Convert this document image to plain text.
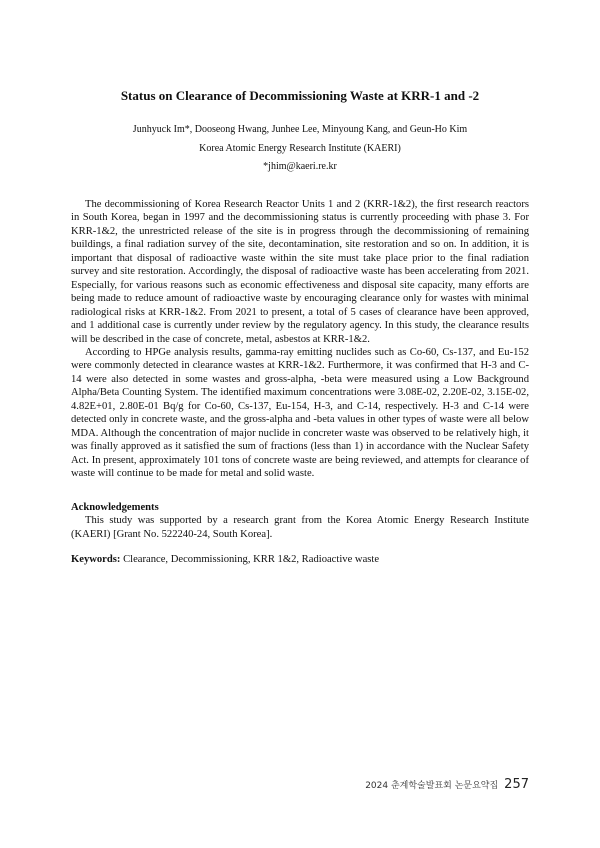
Status on Clearance of Decommissioning Waste at KRR-1 and -2
Junhyuck Im*, Dooseong Hwang, Junhee Lee, Minyoung Kang, and Geun-Ho Kim
Korea Atomic Energy Research Institute (KAERI)
*jhim@kaeri.re.kr

The decommissioning of Korea Research Reactor Units 1 and 2 (KRR-1&2), the first research reactors in South Korea, began in 1997 and the decommissioning status is currently proceeding with phase 3. For KRR-1&2, the unrestricted release of the site is in progress through the decommissioning of remaining buildings, a final radiation survey of the site, decontamination, site restoration and so on. In addition, it is important that disposal of radioactive waste within the site must take place prior to the final radiation survey and site restoration. Accordingly, the disposal of radioactive waste has been accelerating from 2021. Especially, for various reasons such as economic effectiveness and disposal site capacity, many efforts are being made to reduce amount of radioactive waste by encouraging clearance only for wastes with minimal radiological risks at KRR-1&2. From 2021 to present, a total of 5 cases of clearance have been approved, and 1 additional case is currently under review by the regulatory agency. In this study, the clearance results will be described in the case of concrete, metal, asbestos at KRR-1&2.

According to HPGe analysis results, gamma-ray emitting nuclides such as Co-60, Cs-137, and Eu-152 were commonly detected in clearance wastes at KRR-1&2. Furthermore, it was confirmed that H-3 and C-14 were also detected in some wastes and gross-alpha, -beta were measured using a Low Background Alpha/Beta Counting System. The identified maximum concentrations were 3.08E-02, 2.20E-02, 3.15E-02, 4.82E+01, 2.80E-01 Bq/g for Co-60, Cs-137, Eu-154, H-3, and C-14, respectively. H-3 and C-14 were detected only in concrete waste, and the gross-alpha and -beta values in other types of waste were all below MDA. Although the concentration of major nuclide in concreter waste was observed to be relatively high, it was finally approved as it satisfied the sum of fractions (less than 1) in accordance with the Nuclear Safety Act. In present, approximately 101 tons of concrete waste are being reviewed, and attempts for clearance of waste will continue to be made for metal and solid waste.

Acknowledgements

This study was supported by a research grant from the Korea Atomic Energy Research Institute (KAERI) [Grant No. 522240-24, South Korea].

Keywords: Clearance, Decommissioning, KRR 1&2, Radioactive waste
2024 춘계학술발표회 논문요약집 257
